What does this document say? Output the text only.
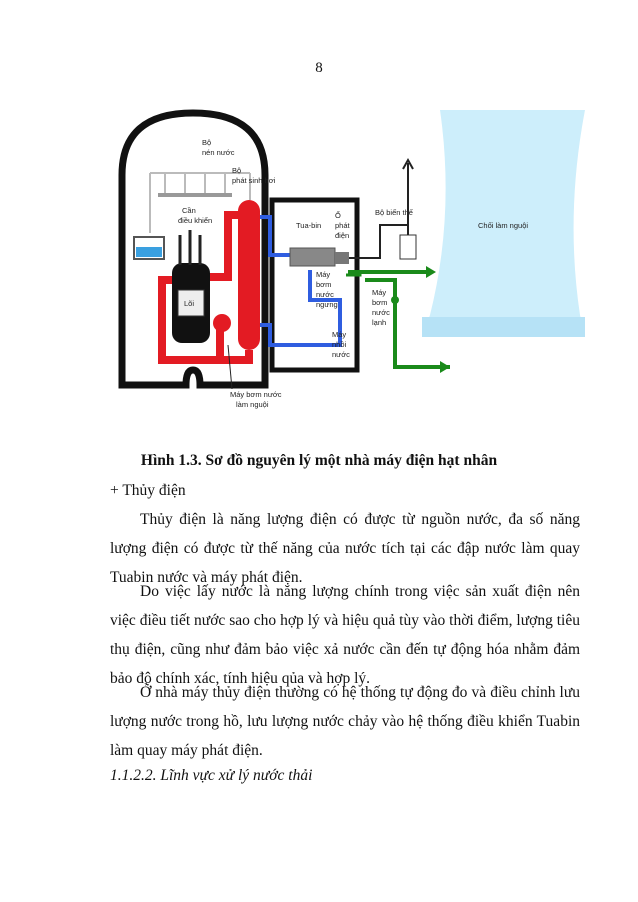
8
Bộ
nén nước
Bộ
phát sinh hơi
Cần
điều khiển
Lõi
Tua-bin
Ổ
phát
điện
Bộ biến thế
Chối làm nguội
Máy
bơm
nước
ngưng
Máy
bơm
nước
lạnh
Máy
nhồi
nước
Máy bơm nước
làm nguội
Hình 1.3. Sơ đồ nguyên lý một nhà máy điện hạt nhân
+ Thủy điện
Thủy điện là năng lượng điện có được từ nguồn nước, đa số năng lượng điện có được từ thế năng của nước tích tại các đập nước làm quay Tuabin nước và máy phát điện.
Do việc lấy nước là năng lượng chính trong việc sản xuất điện nên việc điều tiết nước sao cho hợp lý và hiệu quả tùy vào thời điểm, lượng tiêu thụ điện, cũng như đảm bảo việc xả nước cần đến tự động hóa nhằm đảm bảo độ chính xác, tính hiệu qủa và hợp lý.
Ở nhà máy thủy điện thường có hệ thống tự động đo và điều chỉnh lưu lượng nước trong hồ, lưu lượng nước chảy vào hệ thống điều khiển Tuabin làm quay máy phát điện.
1.1.2.2. Lĩnh vực xử lý nước thải
